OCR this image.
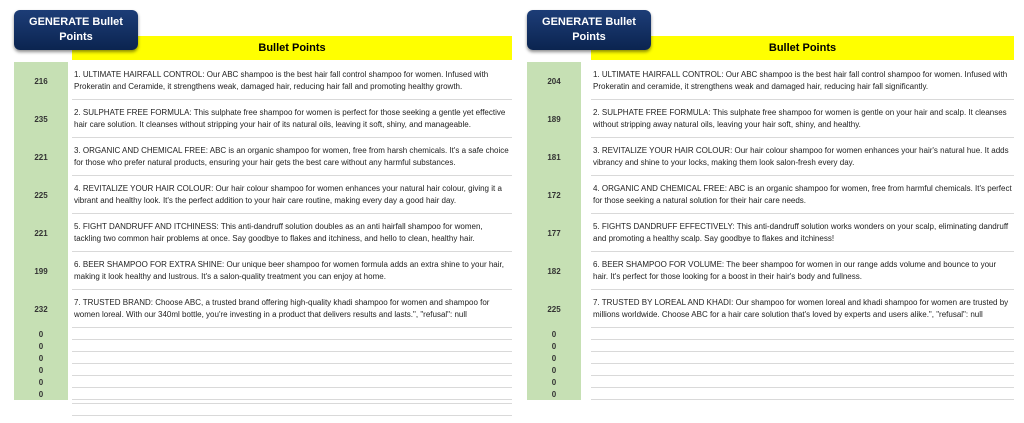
GENERATE Bullet Points
Bullet Points
216
1. ULTIMATE HAIRFALL CONTROL: Our ABC shampoo is the best hair fall control shampoo for women. Infused with Prokeratin and Ceramide, it strengthens weak, damaged hair, reducing hair fall and promoting healthy growth.
235
2. SULPHATE FREE FORMULA: This sulphate free shampoo for women is perfect for those seeking a gentle yet effective hair care solution. It cleanses without stripping your hair of its natural oils, leaving it soft, shiny, and manageable.
221
3. ORGANIC AND CHEMICAL FREE: ABC is an organic shampoo for women, free from harsh chemicals. It's a safe choice for those who prefer natural products, ensuring your hair gets the best care without any harmful substances.
225
4. REVITALIZE YOUR HAIR COLOUR: Our hair colour shampoo for women enhances your natural hair colour, giving it a vibrant and healthy look. It's the perfect addition to your hair care routine, making every day a good hair day.
221
5. FIGHT DANDRUFF AND ITCHINESS: This anti-dandruff solution doubles as an anti hairfall shampoo for women, tackling two common hair problems at once. Say goodbye to flakes and itchiness, and hello to clean, healthy hair.
199
6. BEER SHAMPOO FOR EXTRA SHINE: Our unique beer shampoo for women formula adds an extra shine to your hair, making it look healthy and lustrous. It's a salon-quality treatment you can enjoy at home.
232
7. TRUSTED BRAND: Choose ABC, a trusted brand offering high-quality khadi shampoo for women and shampoo for women loreal. With our 340ml bottle, you're investing in a product that delivers results and lasts.", "refusal": null
0
0
0
0
0
0
GENERATE Bullet Points
Bullet Points
204
1. ULTIMATE HAIRFALL CONTROL: Our ABC shampoo is the best hair fall control shampoo for women. Infused with Prokeratin and ceramide, it strengthens weak and damaged hair, reducing hair fall significantly.
189
2. SULPHATE FREE FORMULA: This sulphate free shampoo for women is gentle on your hair and scalp. It cleanses without stripping away natural oils, leaving your hair soft, shiny, and healthy.
181
3. REVITALIZE YOUR HAIR COLOUR: Our hair colour shampoo for women enhances your hair's natural hue. It adds vibrancy and shine to your locks, making them look salon-fresh every day.
172
4. ORGANIC AND CHEMICAL FREE: ABC is an organic shampoo for women, free from harmful chemicals. It's perfect for those seeking a natural solution for their hair care needs.
177
5. FIGHTS DANDRUFF EFFECTIVELY: This anti-dandruff solution works wonders on your scalp, eliminating dandruff and promoting a healthy scalp. Say goodbye to flakes and itchiness!
182
6. BEER SHAMPOO FOR VOLUME: The beer shampoo for women in our range adds volume and bounce to your hair. It's perfect for those looking for a boost in their hair's body and fullness.
225
7. TRUSTED BY LOREAL AND KHADI: Our shampoo for women loreal and khadi shampoo for women are trusted by millions worldwide. Choose ABC for a hair care solution that's loved by experts and users alike.", "refusal": null
0
0
0
0
0
0
